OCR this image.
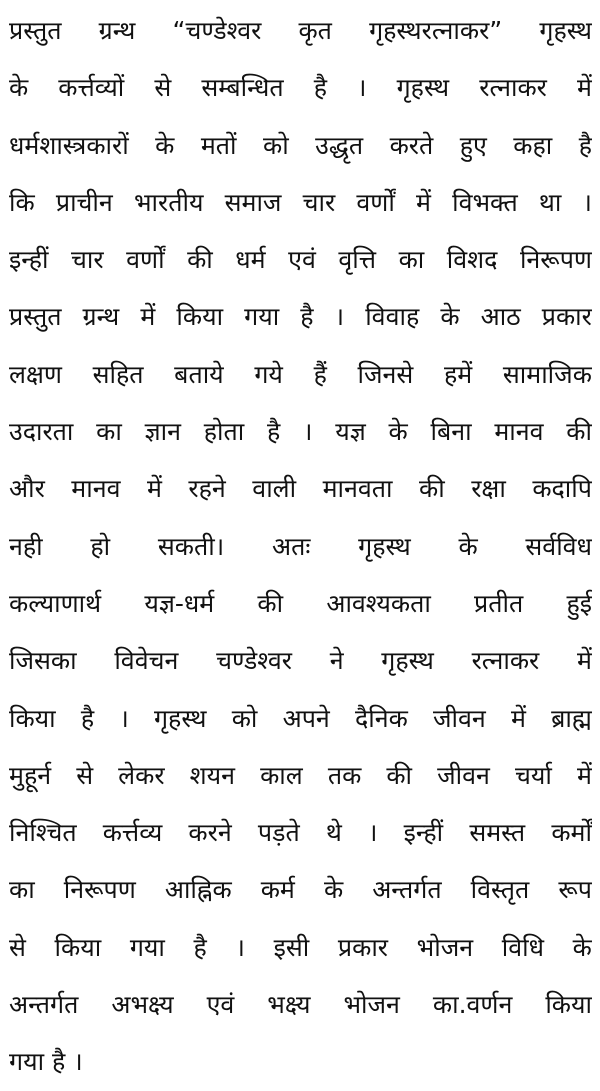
प्रस्तुत ग्रन्थ “चण्डेश्वर कृत गृहस्थरत्नाकर” गृहस्थ
के कर्त्तव्यों से सम्बन्धित है । गृहस्थ रत्नाकर में
धर्मशास्त्रकारों के मतों को उद्धृत करते हुए कहा है
कि प्राचीन भारतीय समाज चार वर्णों में विभक्त था ।
इन्हीं चार वर्णों की धर्म एवं वृत्ति का विशद निरूपण
प्रस्तुत ग्रन्थ में किया गया है । विवाह के आठ प्रकार
लक्षण सहित बताये गये हैं जिनसे हमें सामाजिक
उदारता का ज्ञान होता है । यज्ञ के बिना मानव की
और मानव में रहने वाली मानवता की रक्षा कदापि
नही हो सकती। अतः गृहस्थ के सर्वविध
कल्याणार्थ यज्ञ-धर्म की आवश्यकता प्रतीत हुई
जिसका विवेचन चण्डेश्वर ने गृहस्थ रत्नाकर में
किया है । गृहस्थ को अपने दैनिक जीवन में ब्राह्म
मुहूर्न से लेकर शयन काल तक की जीवन चर्या में
निश्चित कर्त्तव्य करने पड़ते थे । इन्हीं समस्त कर्मों
का निरूपण आह्निक कर्म के अन्तर्गत विस्तृत रूप
से किया गया है । इसी प्रकार भोजन विधि के
अन्तर्गत अभक्ष्य एवं भक्ष्य भोजन का.वर्णन किया
गया है ।
